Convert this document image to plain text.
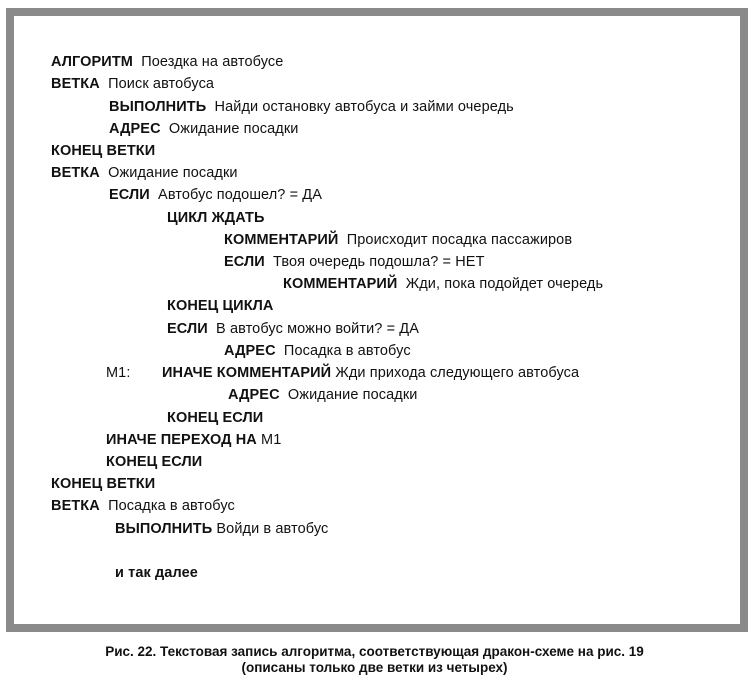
АЛГОРИТМ Поездка на автобусе
ВЕТКА Поиск автобуса
ВЫПОЛНИТЬ Найди остановку автобуса и займи очередь
АДРЕС Ожидание посадки
КОНЕЦ ВЕТКИ
ВЕТКА Ожидание посадки
ЕСЛИ Автобус подошел? = ДА
ЦИКЛ ЖДАТЬ
КОММЕНТАРИЙ Происходит посадка пассажиров
ЕСЛИ Твоя очередь подошла? = НЕТ
КОММЕНТАРИЙ Жди, пока подойдет очередь
КОНЕЦ ЦИКЛА
ЕСЛИ В автобус можно войти? = ДА
АДРЕС Посадка в автобус
М1: ИНАЧЕ КОММЕНТАРИЙ Жди прихода следующего автобуса
АДРЕС Ожидание посадки
КОНЕЦ ЕСЛИ
ИНАЧЕ ПЕРЕХОД НА М1
КОНЕЦ ЕСЛИ
КОНЕЦ ВЕТКИ
ВЕТКА Посадка в автобус
ВЫПОЛНИТЬ Войди в автобус
и так далее
Рис. 22. Текстовая запись алгоритма, соответствующая дракон-схеме на рис. 19
(описаны только две ветки из четырех)
